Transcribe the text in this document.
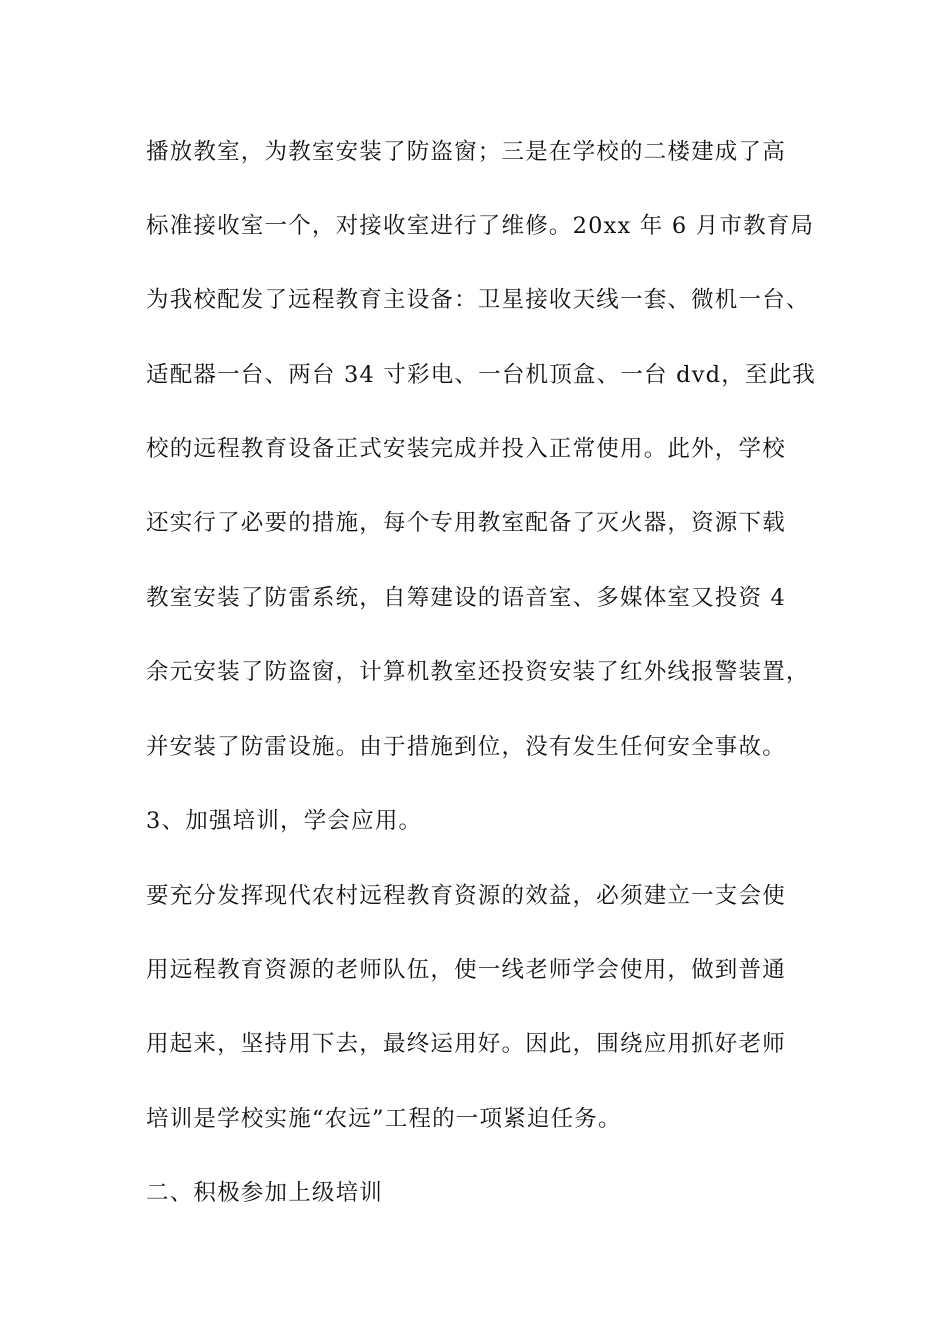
播放教室，为教室安装了防盗窗；三是在学校的二楼建成了高

标准接收室一个，对接收室进行了维修。20xx 年 6 月市教育局

为我校配发了远程教育主设备：卫星接收天线一套、微机一台、

适配器一台、两台 34 寸彩电、一台机顶盒、一台 dvd，至此我

校的远程教育设备正式安装完成并投入正常使用。此外，学校

还实行了必要的措施，每个专用教室配备了灭火器，资源下载

教室安装了防雷系统，自筹建设的语音室、多媒体室又投资 4

余元安装了防盗窗，计算机教室还投资安装了红外线报警装置，

并安装了防雷设施。由于措施到位，没有发生任何安全事故。

3、加强培训，学会应用。

要充分发挥现代农村远程教育资源的效益，必须建立一支会使

用远程教育资源的老师队伍，使一线老师学会使用，做到普通

用起来，坚持用下去，最终运用好。因此，围绕应用抓好老师

培训是学校实施“农远”工程的一项紧迫任务。

二、积极参加上级培训
